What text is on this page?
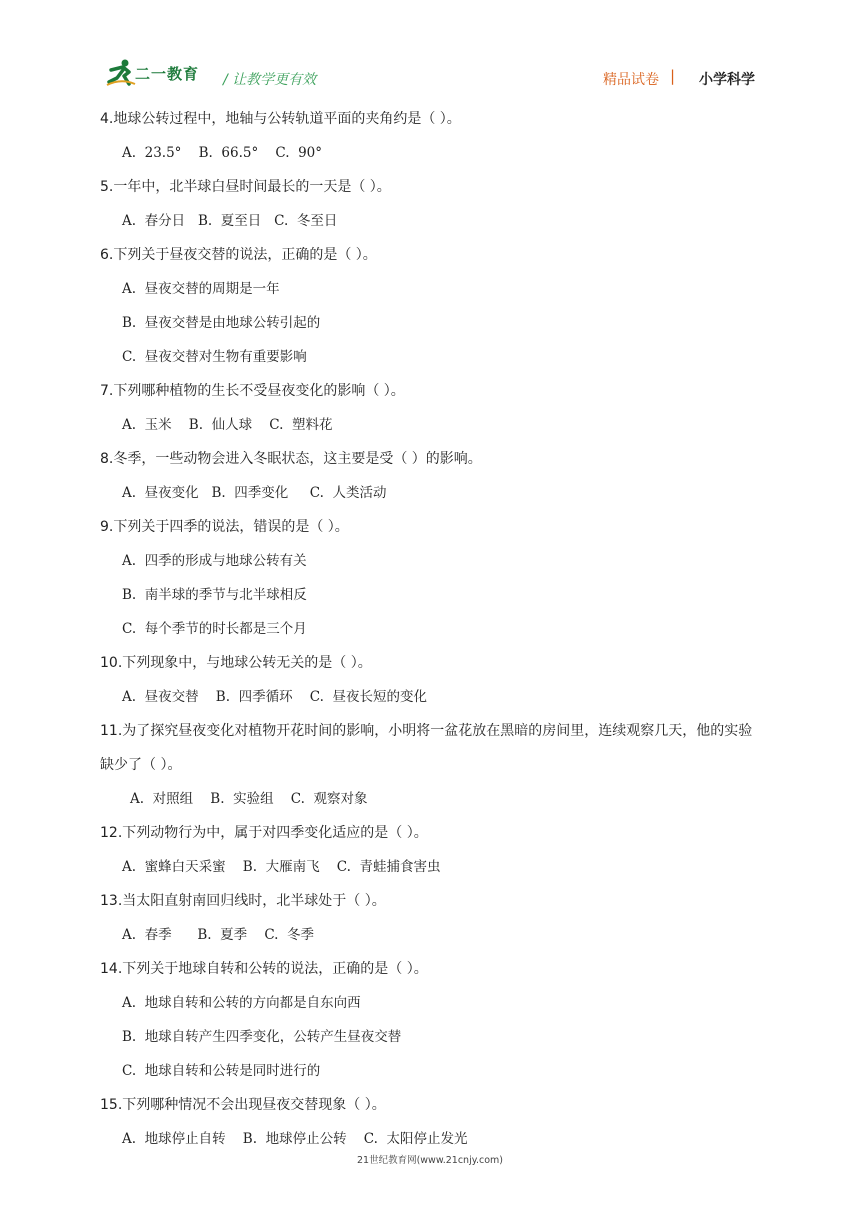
二一教育 / 让教学更有效	精品试卷 | 小学科学
4.地球公转过程中，地轴与公转轨道平面的夹角约是（ ）。
A.  23.5°    B.  66.5°    C.  90°
5.一年中，北半球白昼时间最长的一天是（ ）。
A.  春分日   B.  夏至日   C.  冬至日
6.下列关于昼夜交替的说法，正确的是（ ）。
A.  昼夜交替的周期是一年
B.  昼夜交替是由地球公转引起的
C.  昼夜交替对生物有重要影响
7.下列哪种植物的生长不受昼夜变化的影响（ ）。
A.  玉米    B.  仙人球    C.  塑料花
8.冬季，一些动物会进入冬眠状态，这主要是受（ ）的影响。
A.  昼夜变化   B.  四季变化     C.  人类活动
9.下列关于四季的说法，错误的是（ ）。
A.  四季的形成与地球公转有关
B.  南半球的季节与北半球相反
C.  每个季节的时长都是三个月
10.下列现象中，与地球公转无关的是（ ）。
A.  昼夜交替    B.  四季循环    C.  昼夜长短的变化
11.为了探究昼夜变化对植物开花时间的影响，小明将一盆花放在黑暗的房间里，连续观察几天，他的实验缺少了（ ）。
A.  对照组    B.  实验组    C.  观察对象
12.下列动物行为中，属于对四季变化适应的是（ ）。
A.  蜜蜂白天采蜜    B.  大雁南飞    C.  青蛙捕食害虫
13.当太阳直射南回归线时，北半球处于（ ）。
A.  春季      B.  夏季    C.  冬季
14.下列关于地球自转和公转的说法，正确的是（ ）。
A.  地球自转和公转的方向都是自东向西
B.  地球自转产生四季变化，公转产生昼夜交替
C.  地球自转和公转是同时进行的
15.下列哪种情况不会出现昼夜交替现象（ ）。
A.  地球停止自转    B.  地球停止公转    C.  太阳停止发光
21世纪教育网(www.21cnjy.com)
